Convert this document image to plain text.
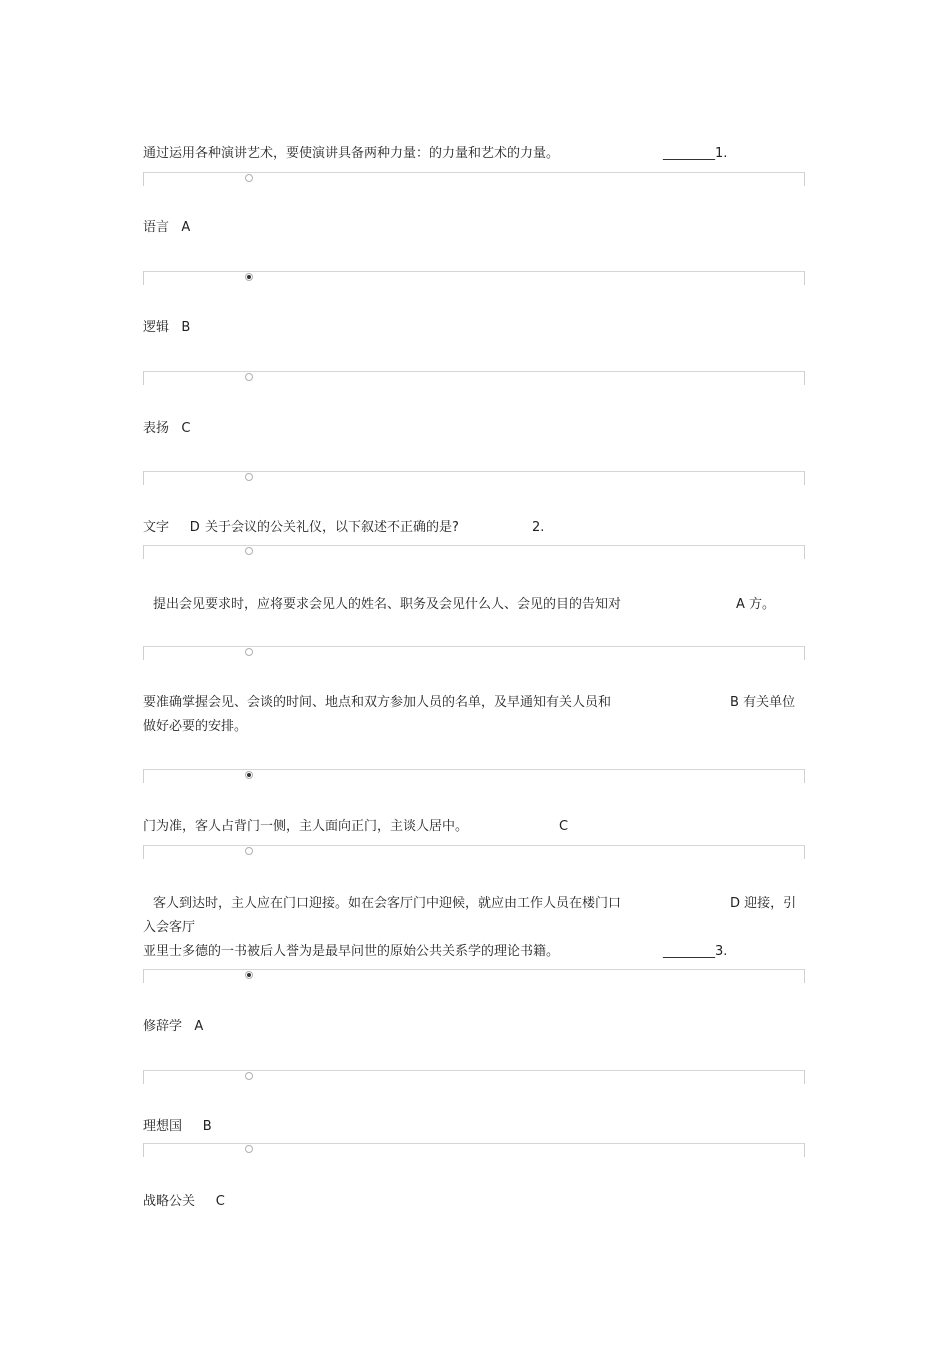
通过运用各种演讲艺术，要使演讲具备两种力量：的力量和艺术的力量。	________1.
语言 A
逻辑 B
表扬 C
文字 D 关于会议的公关礼仪，以下叙述不正确的是?	2.
提出会见要求时，应将要求会见人的姓名、职务及会见什么人、会见的目的告知对	A 方。
要准确掌握会见、会谈的时间、地点和双方参加人员的名单，及早通知有关人员和	B 有关单位
做好必要的安排。
门为准，客人占背门一侧，主人面向正门，主谈人居中。	C
客人到达时，主人应在门口迎接。如在会客厅门中迎候，就应由工作人员在楼门口	D 迎接，引
入会客厅
亚里士多德的一书被后人誉为是最早问世的原始公共关系学的理论书籍。	________3.
修辞学 A
理想国 B
战略公关 C
